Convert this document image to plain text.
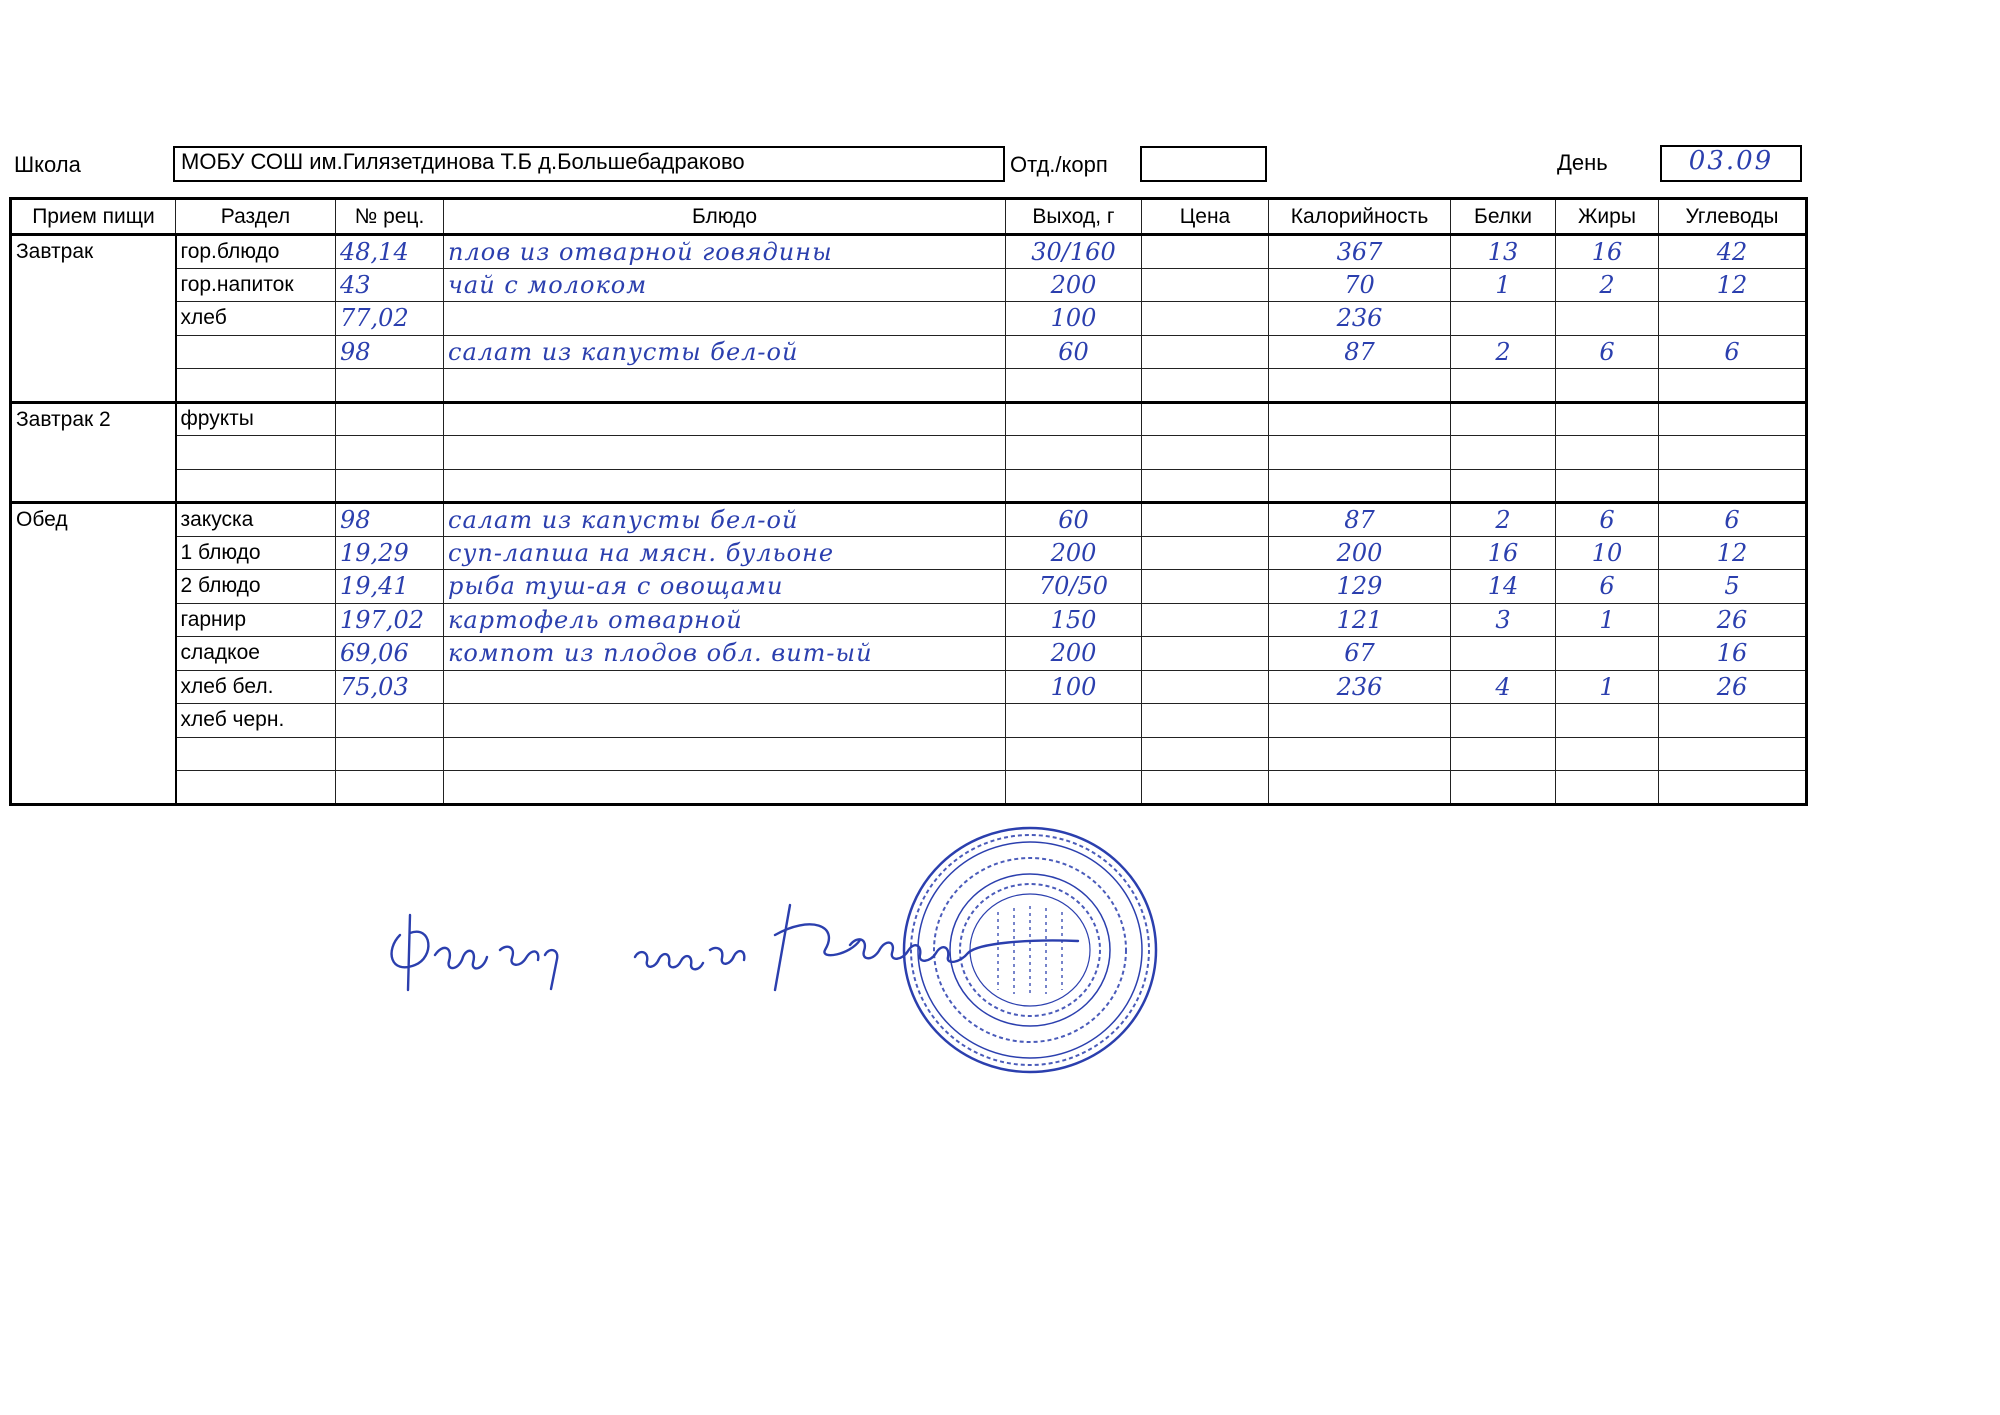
Школа	МОБУ СОШ им.Гилязетдинова Т.Б д.Большебадраково	Отд./корп	День	03.09
Прием пищи	Раздел	№ рец.	Блюдо	Выход, г	Цена	Калорийность	Белки	Жиры	Углеводы
Завтрак	гор.блюдо	48,14	плов из отварной говядины	30/160		367	13	16	42
	гор.напиток	43	чай с молоком	200		70	1	2	12
	хлеб	77,02		100		236			
		98	салат из капусты бел-ой	60		87	2	6	6

Завтрак 2	фрукты								

Обед	закуска	98	салат из капусты бел-ой	60		87	2	6	6
	1 блюдо	19,29	суп-лапша на мясн. бульоне	200		200	16	10	12
	2 блюдо	19,41	рыба туш-ая с овощами	70/50		129	14	6	5
	гарнир	197,02	картофель отварной	150		121	3	1	26
	сладкое	69,06	компот из плодов обл. вит-ый	200		67			16
	хлеб бел.	75,03		100		236	4	1	26
	хлеб черн.								
